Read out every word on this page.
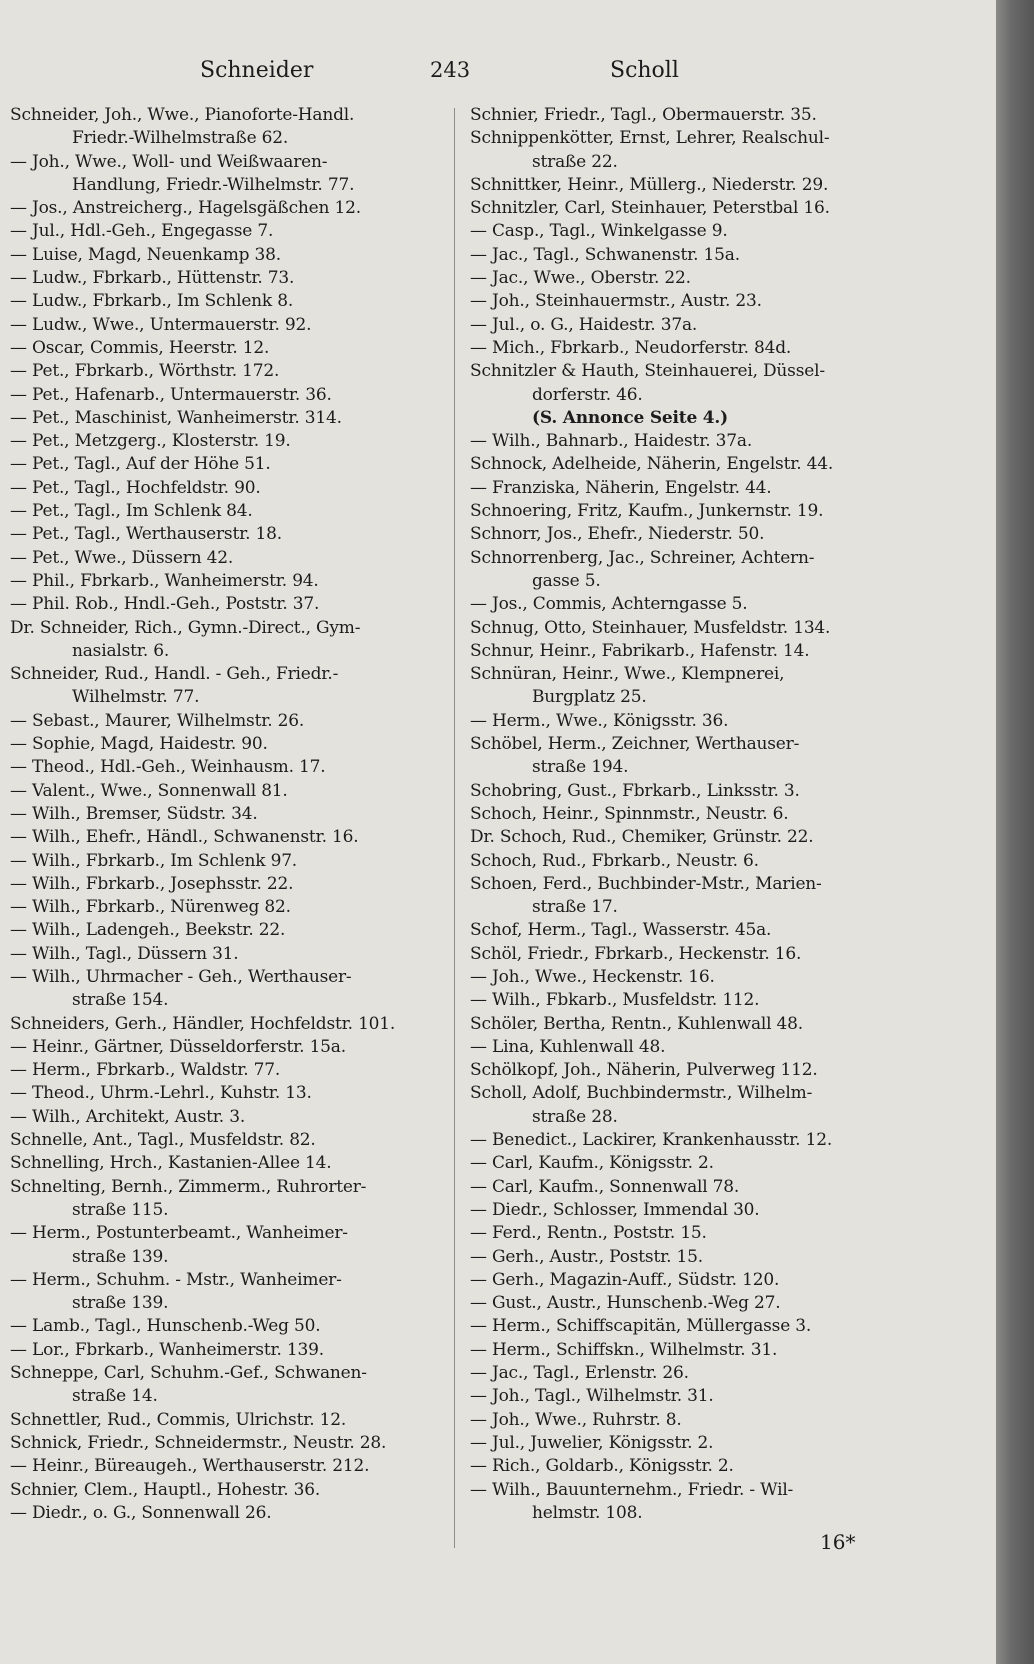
Schneider	243	Scholl
Schneider, Joh., Wwe., Pianoforte-Handl.
Friedr.-Wilhelmstraße 62.
— Joh., Wwe., Woll- und Weißwaaren-
Handlung, Friedr.-Wilhelmstr. 77.
— Jos., Anstreicherg., Hagelsgäßchen 12.
— Jul., Hdl.-Geh., Engegasse 7.
— Luise, Magd, Neuenkamp 38.
— Ludw., Fbrkarb., Hüttenstr. 73.
— Ludw., Fbrkarb., Im Schlenk 8.
— Ludw., Wwe., Untermauerstr. 92.
— Oscar, Commis, Heerstr. 12.
— Pet., Fbrkarb., Wörthstr. 172.
— Pet., Hafenarb., Untermauerstr. 36.
— Pet., Maschinist, Wanheimerstr. 314.
— Pet., Metzgerg., Klosterstr. 19.
— Pet., Tagl., Auf der Höhe 51.
— Pet., Tagl., Hochfeldstr. 90.
— Pet., Tagl., Im Schlenk 84.
— Pet., Tagl., Werthauserstr. 18.
— Pet., Wwe., Düssern 42.
— Phil., Fbrkarb., Wanheimerstr. 94.
— Phil. Rob., Hndl.-Geh., Poststr. 37.
Dr. Schneider, Rich., Gymn.-Direct., Gym-
nasialstr. 6.
Schneider, Rud., Handl. - Geh., Friedr.-
Wilhelmstr. 77.
— Sebast., Maurer, Wilhelmstr. 26.
— Sophie, Magd, Haidestr. 90.
— Theod., Hdl.-Geh., Weinhausm. 17.
— Valent., Wwe., Sonnenwall 81.
— Wilh., Bremser, Südstr. 34.
— Wilh., Ehefr., Händl., Schwanenstr. 16.
— Wilh., Fbrkarb., Im Schlenk 97.
— Wilh., Fbrkarb., Josephsstr. 22.
— Wilh., Fbrkarb., Nürenweg 82.
— Wilh., Ladengeh., Beekstr. 22.
— Wilh., Tagl., Düssern 31.
— Wilh., Uhrmacher - Geh., Werthauser-
straße 154.
Schneiders, Gerh., Händler, Hochfeldstr. 101.
— Heinr., Gärtner, Düsseldorferstr. 15a.
— Herm., Fbrkarb., Waldstr. 77.
— Theod., Uhrm.-Lehrl., Kuhstr. 13.
— Wilh., Architekt, Austr. 3.
Schnelle, Ant., Tagl., Musfeldstr. 82.
Schnelling, Hrch., Kastanien-Allee 14.
Schnelting, Bernh., Zimmerm., Ruhrorter-
straße 115.
— Herm., Postunterbeamt., Wanheimer-
straße 139.
— Herm., Schuhm. - Mstr., Wanheimer-
straße 139.
— Lamb., Tagl., Hunschenb.-Weg 50.
— Lor., Fbrkarb., Wanheimerstr. 139.
Schneppe, Carl, Schuhm.-Gef., Schwanen-
straße 14.
Schnettler, Rud., Commis, Ulrichstr. 12.
Schnick, Friedr., Schneidermstr., Neustr. 28.
— Heinr., Büreaugeh., Werthauserstr. 212.
Schnier, Clem., Hauptl., Hohestr. 36.
— Diedr., o. G., Sonnenwall 26.
Schnier, Friedr., Tagl., Obermauerstr. 35.
Schnippenkötter, Ernst, Lehrer, Realschul-
straße 22.
Schnittker, Heinr., Müllerg., Niederstr. 29.
Schnitzler, Carl, Steinhauer, Peterstbal 16.
— Casp., Tagl., Winkelgasse 9.
— Jac., Tagl., Schwanenstr. 15a.
— Jac., Wwe., Oberstr. 22.
— Joh., Steinhauermstr., Austr. 23.
— Jul., o. G., Haidestr. 37a.
— Mich., Fbrkarb., Neudorferstr. 84d.
Schnitzler & Hauth, Steinhauerei, Düssel-
dorferstr. 46.
(S. Annonce Seite 4.)
— Wilh., Bahnarb., Haidestr. 37a.
Schnock, Adelheide, Näherin, Engelstr. 44.
— Franziska, Näherin, Engelstr. 44.
Schnoering, Fritz, Kaufm., Junkernstr. 19.
Schnorr, Jos., Ehefr., Niederstr. 50.
Schnorrenberg, Jac., Schreiner, Achtern-
gasse 5.
— Jos., Commis, Achterngasse 5.
Schnug, Otto, Steinhauer, Musfeldstr. 134.
Schnur, Heinr., Fabrikarb., Hafenstr. 14.
Schnüran, Heinr., Wwe., Klempnerei,
Burgplatz 25.
— Herm., Wwe., Königsstr. 36.
Schöbel, Herm., Zeichner, Werthauser-
straße 194.
Schobring, Gust., Fbrkarb., Linksstr. 3.
Schoch, Heinr., Spinnmstr., Neustr. 6.
Dr. Schoch, Rud., Chemiker, Grünstr. 22.
Schoch, Rud., Fbrkarb., Neustr. 6.
Schoen, Ferd., Buchbinder-Mstr., Marien-
straße 17.
Schof, Herm., Tagl., Wasserstr. 45a.
Schöl, Friedr., Fbrkarb., Heckenstr. 16.
— Joh., Wwe., Heckenstr. 16.
— Wilh., Fbkarb., Musfeldstr. 112.
Schöler, Bertha, Rentn., Kuhlenwall 48.
— Lina, Kuhlenwall 48.
Schölkopf, Joh., Näherin, Pulverweg 112.
Scholl, Adolf, Buchbindermstr., Wilhelm-
straße 28.
— Benedict., Lackirer, Krankenhausstr. 12.
— Carl, Kaufm., Königsstr. 2.
— Carl, Kaufm., Sonnenwall 78.
— Diedr., Schlosser, Immendal 30.
— Ferd., Rentn., Poststr. 15.
— Gerh., Austr., Poststr. 15.
— Gerh., Magazin-Auff., Südstr. 120.
— Gust., Austr., Hunschenb.-Weg 27.
— Herm., Schiffscapitän, Müllergasse 3.
— Herm., Schiffskn., Wilhelmstr. 31.
— Jac., Tagl., Erlenstr. 26.
— Joh., Tagl., Wilhelmstr. 31.
— Joh., Wwe., Ruhrstr. 8.
— Jul., Juwelier, Königsstr. 2.
— Rich., Goldarb., Königsstr. 2.
— Wilh., Bauunternehm., Friedr. - Wil-
helmstr. 108.
16*
